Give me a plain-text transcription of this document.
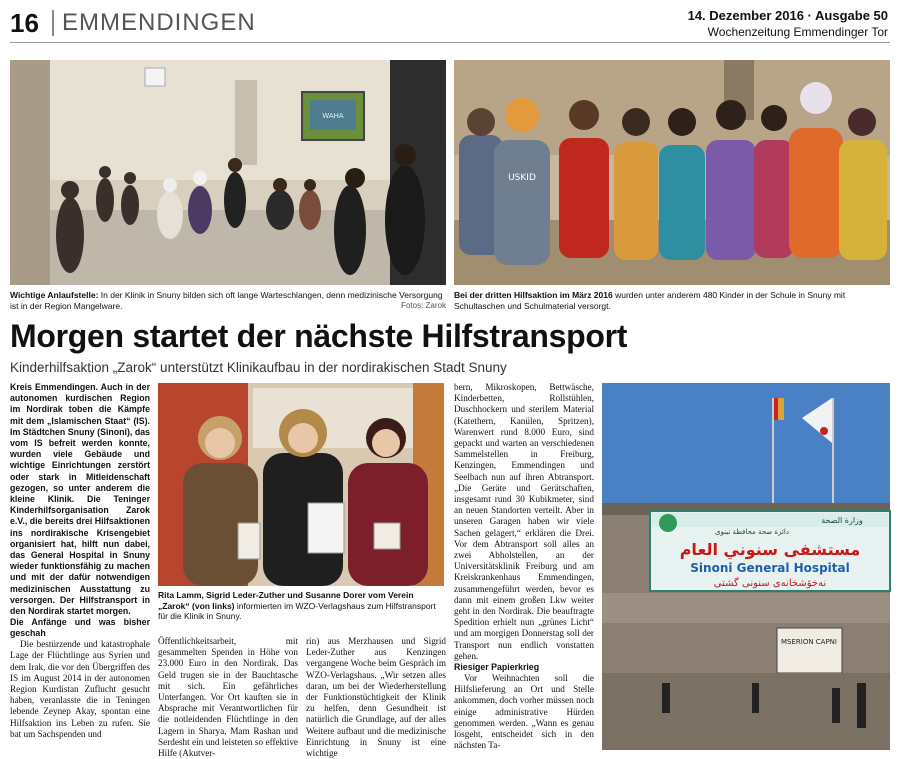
16 EMMENDINGEN	14. Dezember 2016 · Ausgabe 50
Wochenzeitung Emmendinger Tor
WAHA
Wichtige Anlaufstelle: In der Klinik in Snuny bilden sich oft lange Warteschlangen, denn medizinische Versorgung ist in der Region Mangelware.	Fotos: Zarok
USKID
Bei der dritten Hilfsaktion im März 2016 wurden unter anderem 480 Kinder in der Schule in Snuny mit Schultaschen und Schulmaterial versorgt.
Morgen startet der nächste Hilfstransport
Kinderhilfsaktion „Zarok“ unterstützt Klinikaufbau in der nordirakischen Stadt Snuny

Kreis Emmendingen. Auch in der autonomen kurdischen Region im Nordirak toben die Kämpfe mit dem „Islamischen Staat“ (IS). Im Städtchen Snuny (Sinoni), das vom IS befreit werden konnte, wurden viele Gebäude und wichtige Einrichtungen zerstört oder stark in Mitleidenschaft gezogen, so unter anderem die kleine Klinik. Die Teninger Kinderhilfsorganisation Zarok e.V., die bereits drei Hilfsaktionen ins nordirakische Krisengebiet organisiert hat, hilft nun dabei, das General Hospital in Snuny wieder funktionsfähig zu machen und mit der dafür notwendigen medizinischen Ausstattung zu versorgen. Der Hilfstransport in den Nordirak startet morgen.

Die Anfänge und was bisher geschah

Die bestürzende und katastrophale Lage der Flüchtlinge aus Syrien und dem Irak, die vor den Übergriffen des IS im August 2014 in der autonomen Region Kurdistan Zuflucht gesucht haben, veranlasste die in Teningen lebende Zeynep Akay, spontan eine Hilfsaktion ins Leben zu rufen. Sie bat um Sachspenden und

Rita Lamm, Sigrid Leder-Zuther und Susanne Dorer vom Verein „Zarok“ (von links) informierten im WZO-Verlagshaus zum Hilfstransport für die Klinik in Snuny.

Öffentlichkeitsarbeit, mit gesammelten Spenden in Höhe von 23.000 Euro in den Nordirak. Das Geld trugen sie in der Bauchtasche mit sich. Ein gefährliches Unterfangen. Vor Ort kauften sie in Absprache mit Verantwortlichen für die notleidenden Flüchtlinge in den Lagern in Sharya, Mam Rashan und Serdesht ein und leisteten so effektive Hilfe (Akutver-

rin) aus Merzhausen und Sigrid Leder-Zuther aus Kenzingen vergangene Woche beim Gespräch im WZO-Verlagshaus. „Wir setzen alles daran, um bei der Wiederherstellung der Funktionstüchtigkeit der Klinik zu helfen, denn Gesundheit ist natürlich die Grundlage, auf der alles Weitere aufbaut und die medizinische Einrichtung in Snuny ist eine wichtige

bern, Mikroskopen, Bettwäsche, Kinderbetten, Rollstühlen, Duschhockern und sterilem Material (Katethern, Kanülen, Spritzen), Warenwert rund 8.000 Euro, sind gepackt und warten an verschiedenen Sammelstellen in Freiburg, Kenzingen, Emmendingen und Seelbach nun auf ihren Abtransport. „Die Geräte und Gerätschaften, insgesamt rund 30 Kubikmeter, sind an neuen Standorten verteilt. Aber in unseren Garagen haben wir viele Sachen gelagert,“ erklären die Drei. Vor dem Abtransport soll alles an zwei Abholstellen, an der Universitätsklinik Freiburg und am Kreiskrankenhaus Emmendingen, zusammengeführt werden, bevor es dann mit einem großen Lkw weiter geht in den Nordirak. Die beauftragte Spedition erhielt nun „grünes Licht“ und am morgigen Donnerstag soll der Transport nun endlich vonstatten gehen.

Riesiger Papierkrieg

Vor Weihnachten soll die Hilfslieferung an Ort und Stelle ankommen, doch vorher müssen noch einige administrative Hürden genommen werden. „Wann es genau losgeht, entscheidet sich in den nächsten Ta-

وزارة الصحة
دائرة صحة محافظة نينوى
مستشفى سنوني العام
Sinoni General Hospital
نەخۆشخانەی سنونی گشتی
MSERION CAPNI
